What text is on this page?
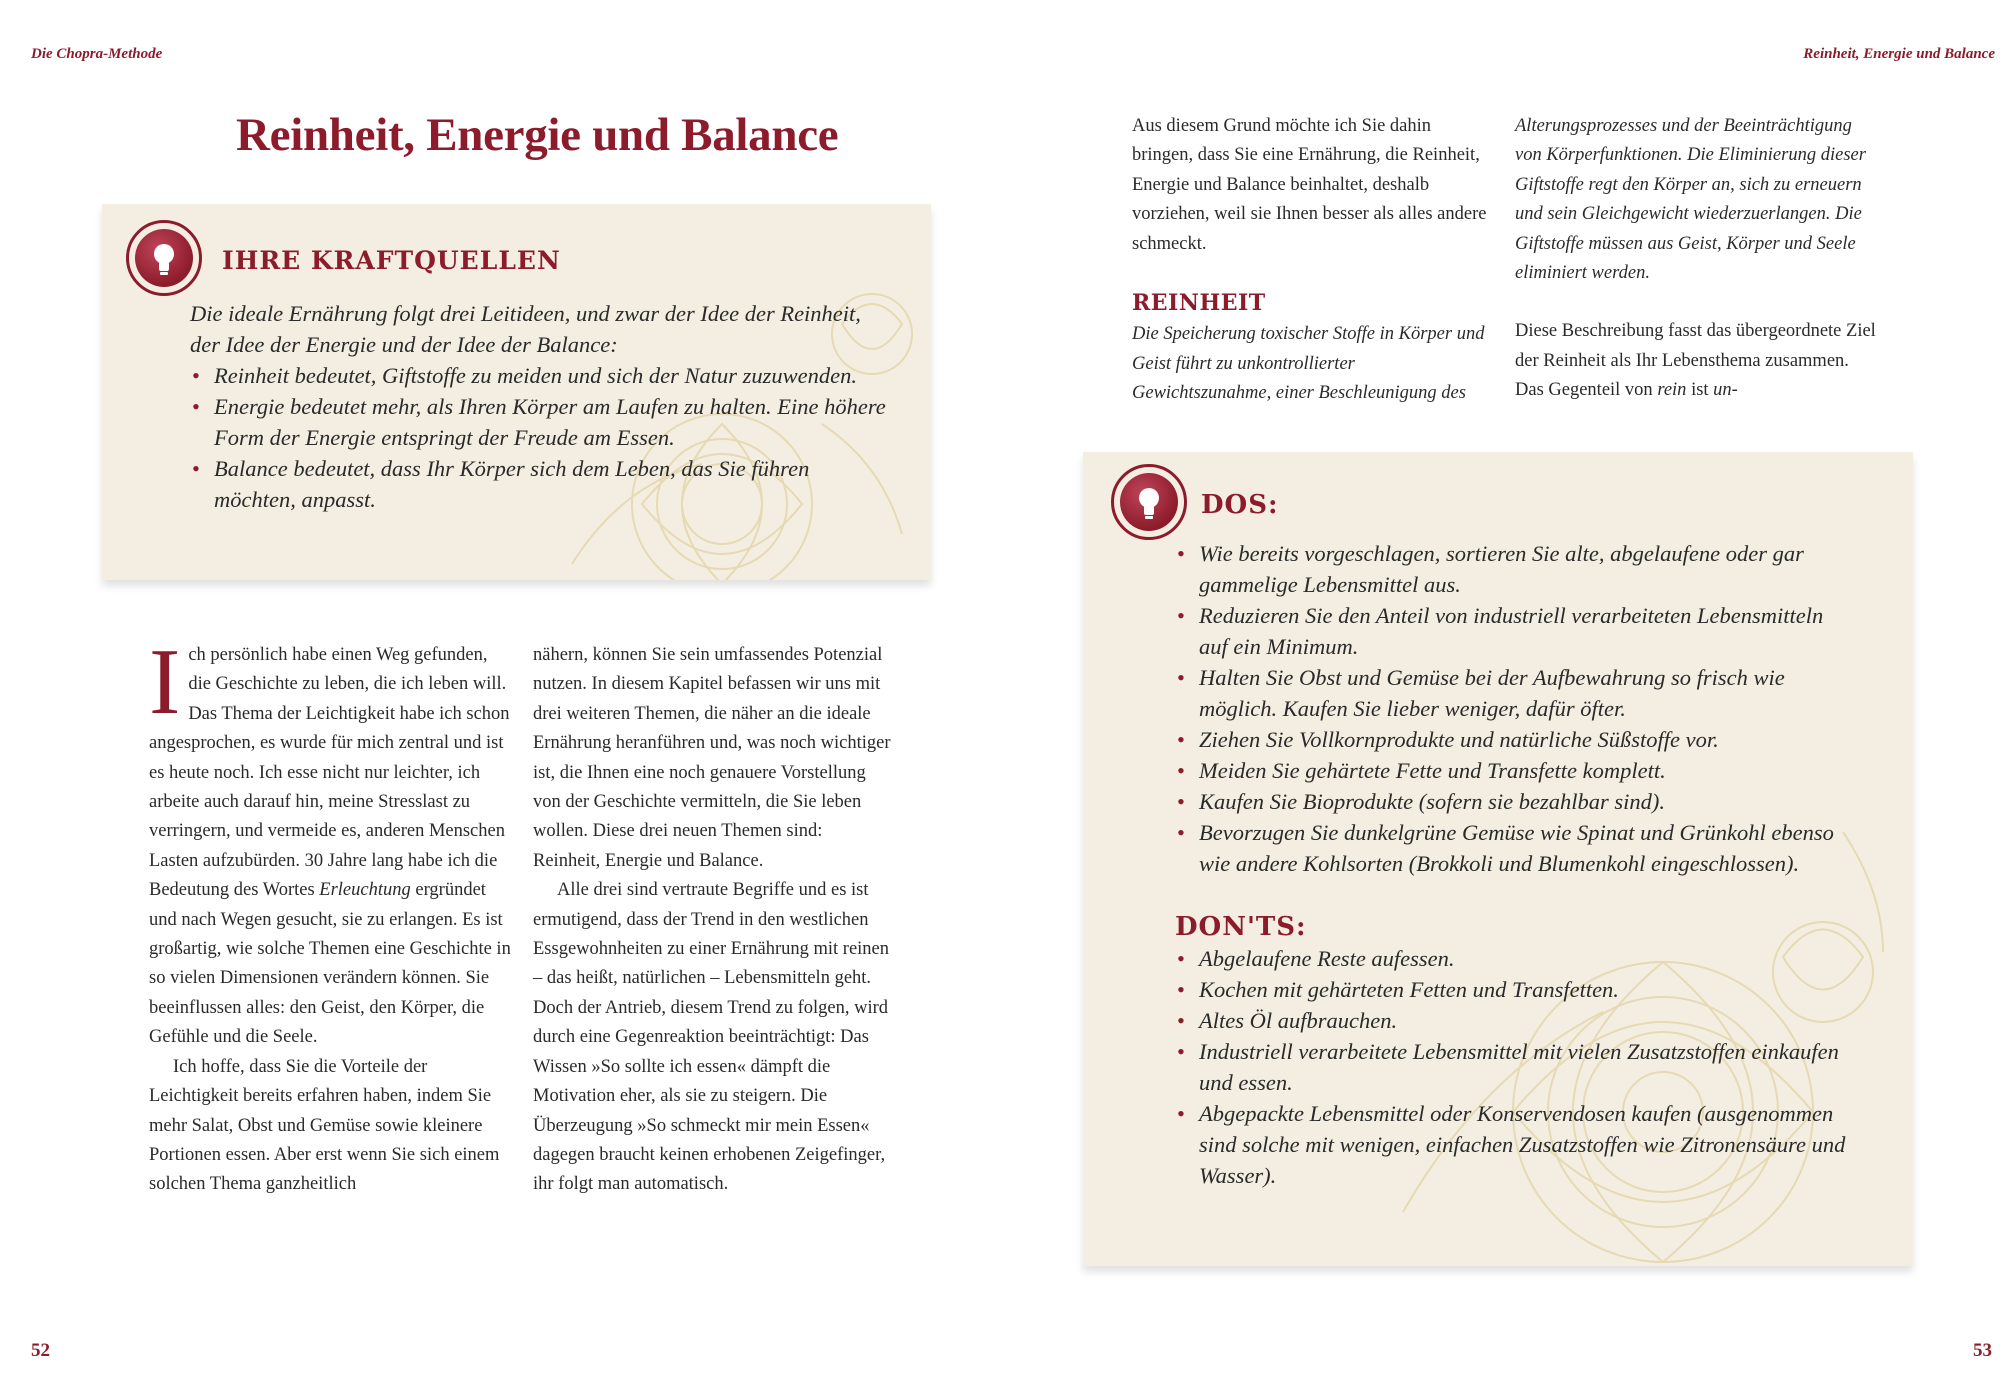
Die Chopra-Methode
Reinheit, Energie und Balance
IHRE KRAFTQUELLEN

Die ideale Ernährung folgt drei Leitideen, und zwar der Idee der Reinheit, der Idee der Energie und der Idee der Balance:

• Reinheit bedeutet, Giftstoffe zu meiden und sich der Natur zuzuwenden.
• Energie bedeutet mehr, als Ihren Körper am Laufen zu halten. Eine höhere Form der Energie entspringt der Freude am Essen.
• Balance bedeutet, dass Ihr Körper sich dem Leben, das Sie führen möchten, anpasst.

Ich persönlich habe einen Weg gefunden, die Geschichte zu leben, die ich leben will. Das Thema der Leichtigkeit habe ich schon angesprochen, es wurde für mich zentral und ist es heute noch. Ich esse nicht nur leichter, ich arbeite auch darauf hin, meine Stresslast zu verringern, und vermeide es, anderen Menschen Lasten aufzubürden. 30 Jahre lang habe ich die Bedeutung des Wortes Erleuchtung ergründet und nach Wegen gesucht, sie zu erlangen. Es ist großartig, wie solche Themen eine Geschichte in so vielen Dimensionen verändern können. Sie beeinflussen alles: den Geist, den Körper, die Gefühle und die Seele.

Ich hoffe, dass Sie die Vorteile der Leichtigkeit bereits erfahren haben, indem Sie mehr Salat, Obst und Gemüse sowie kleinere Portionen essen. Aber erst wenn Sie sich einem solchen Thema ganzheitlich

nähern, können Sie sein umfassendes Potenzial nutzen. In diesem Kapitel befassen wir uns mit drei weiteren Themen, die näher an die ideale Ernährung heranführen und, was noch wichtiger ist, die Ihnen eine noch genauere Vorstellung von der Geschichte vermitteln, die Sie leben wollen. Diese drei neuen Themen sind: Reinheit, Energie und Balance.

Alle drei sind vertraute Begriffe und es ist ermutigend, dass der Trend in den westlichen Essgewohnheiten zu einer Ernährung mit reinen – das heißt, natürlichen – Lebensmitteln geht. Doch der Antrieb, diesem Trend zu folgen, wird durch eine Gegenreaktion beeinträchtigt: Das Wissen »So sollte ich essen« dämpft die Motivation eher, als sie zu steigern. Die Überzeugung »So schmeckt mir mein Essen« dagegen braucht keinen erhobenen Zeigefinger, ihr folgt man automatisch.

52
Reinheit, Energie und Balance

Aus diesem Grund möchte ich Sie dahin bringen, dass Sie eine Ernährung, die Reinheit, Energie und Balance beinhaltet, deshalb vorziehen, weil sie Ihnen besser als alles andere schmeckt.

REINHEIT

Die Speicherung toxischer Stoffe in Körper und Geist führt zu unkontrollierter Gewichtszunahme, einer Beschleunigung des

Alterungsprozesses und der Beeinträchtigung von Körperfunktionen. Die Eliminierung dieser Giftstoffe regt den Körper an, sich zu erneuern und sein Gleichgewicht wiederzuerlangen. Die Giftstoffe müssen aus Geist, Körper und Seele eliminiert werden.

Diese Beschreibung fasst das übergeordnete Ziel der Reinheit als Ihr Lebensthema zusammen. Das Gegenteil von rein ist un-

DOS:
• Wie bereits vorgeschlagen, sortieren Sie alte, abgelaufene oder gar gammelige Lebensmittel aus.
• Reduzieren Sie den Anteil von industriell verarbeiteten Lebensmitteln auf ein Minimum.
• Halten Sie Obst und Gemüse bei der Aufbewahrung so frisch wie möglich. Kaufen Sie lieber weniger, dafür öfter.
• Ziehen Sie Vollkornprodukte und natürliche Süßstoffe vor.
• Meiden Sie gehärtete Fette und Transfette komplett.
• Kaufen Sie Bioprodukte (sofern sie bezahlbar sind).
• Bevorzugen Sie dunkelgrüne Gemüse wie Spinat und Grünkohl ebenso wie andere Kohlsorten (Brokkoli und Blumenkohl eingeschlossen).
DON'TS:
• Abgelaufene Reste aufessen.
• Kochen mit gehärteten Fetten und Transfetten.
• Altes Öl aufbrauchen.
• Industriell verarbeitete Lebensmittel mit vielen Zusatzstoffen einkaufen und essen.
• Abgepackte Lebensmittel oder Konservendosen kaufen (ausgenommen sind solche mit wenigen, einfachen Zusatzstoffen wie Zitronensäure und Wasser).
53
